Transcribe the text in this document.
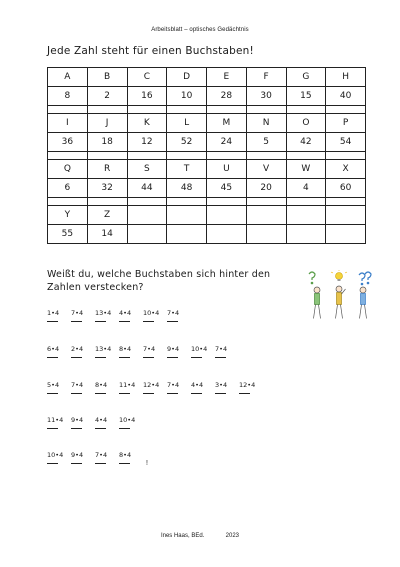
Arbeitsblatt – optisches Gedächtnis
Jede Zahl steht für einen Buchstaben!
A	B	C	D	E	F	G	H
8	2	16	10	28	30	15	40

I	J	K	L	M	N	O	P
36	18	12	52	24	5	42	54

Q	R	S	T	U	V	W	X
6	32	44	48	45	20	4	60

Y	Z						
55	14						
Weißt du, welche Buchstaben sich hinter den Zahlen verstecken?
1•4	7•4	13•4	4•4	10•4	7•4
6•4	2•4	13•4	8•4	7•4	9•4	10•4	7•4
5•4	7•4	8•4	11•4	12•4	7•4	4•4	3•4	12•4
11•4	9•4	4•4	10•4
10•4	9•4	7•4	8•4
!
Ines Haas, BEd.	2023
